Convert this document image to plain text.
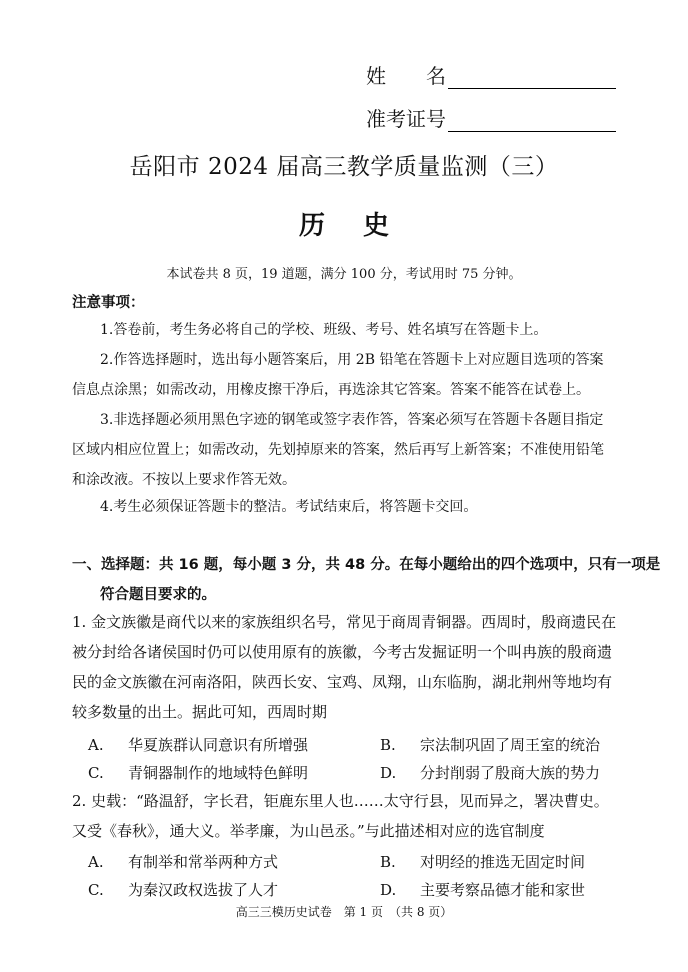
姓　　名
准考证号
岳阳市 2024 届高三教学质量监测（三）
历史
本试卷共 8 页，19 道题，满分 100 分，考试用时 75 分钟。
注意事项：
1.答卷前，考生务必将自己的学校、班级、考号、姓名填写在答题卡上。
2.作答选择题时，选出每小题答案后，用 2B 铅笔在答题卡上对应题目选项的答案信息点涂黑；如需改动，用橡皮擦干净后，再选涂其它答案。答案不能答在试卷上。
3.非选择题必须用黑色字迹的钢笔或签字表作答，答案必须写在答题卡各题目指定区域内相应位置上；如需改动，先划掉原来的答案，然后再写上新答案；不准使用铅笔和涂改液。不按以上要求作答无效。
4.考生必须保证答题卡的整洁。考试结束后，将答题卡交回。
一、选择题：共 16 题，每小题 3 分，共 48 分。在每小题给出的四个选项中，只有一项是
符合题目要求的。
1. 金文族徽是商代以来的家族组织名号，常见于商周青铜器。西周时，殷商遗民在被分封给各诸侯国时仍可以使用原有的族徽，今考古发掘证明一个叫冉族的殷商遗民的金文族徽在河南洛阳，陕西长安、宝鸡、凤翔，山东临朐，湖北荆州等地均有较多数量的出土。据此可知，西周时期
A. 华夏族群认同意识有所增强	B. 宗法制巩固了周王室的统治
C. 青铜器制作的地域特色鲜明	D. 分封削弱了殷商大族的势力
2. 史载：“路温舒，字长君，钜鹿东里人也……太守行县，见而异之，署决曹史。又受《春秋》，通大义。举孝廉，为山邑丞。”与此描述相对应的选官制度
A. 有制举和常举两种方式	B. 对明经的推选无固定时间
C. 为秦汉政权选拔了人才	D. 主要考察品德才能和家世
高三三模历史试卷　第 1 页　（共 8 页）
